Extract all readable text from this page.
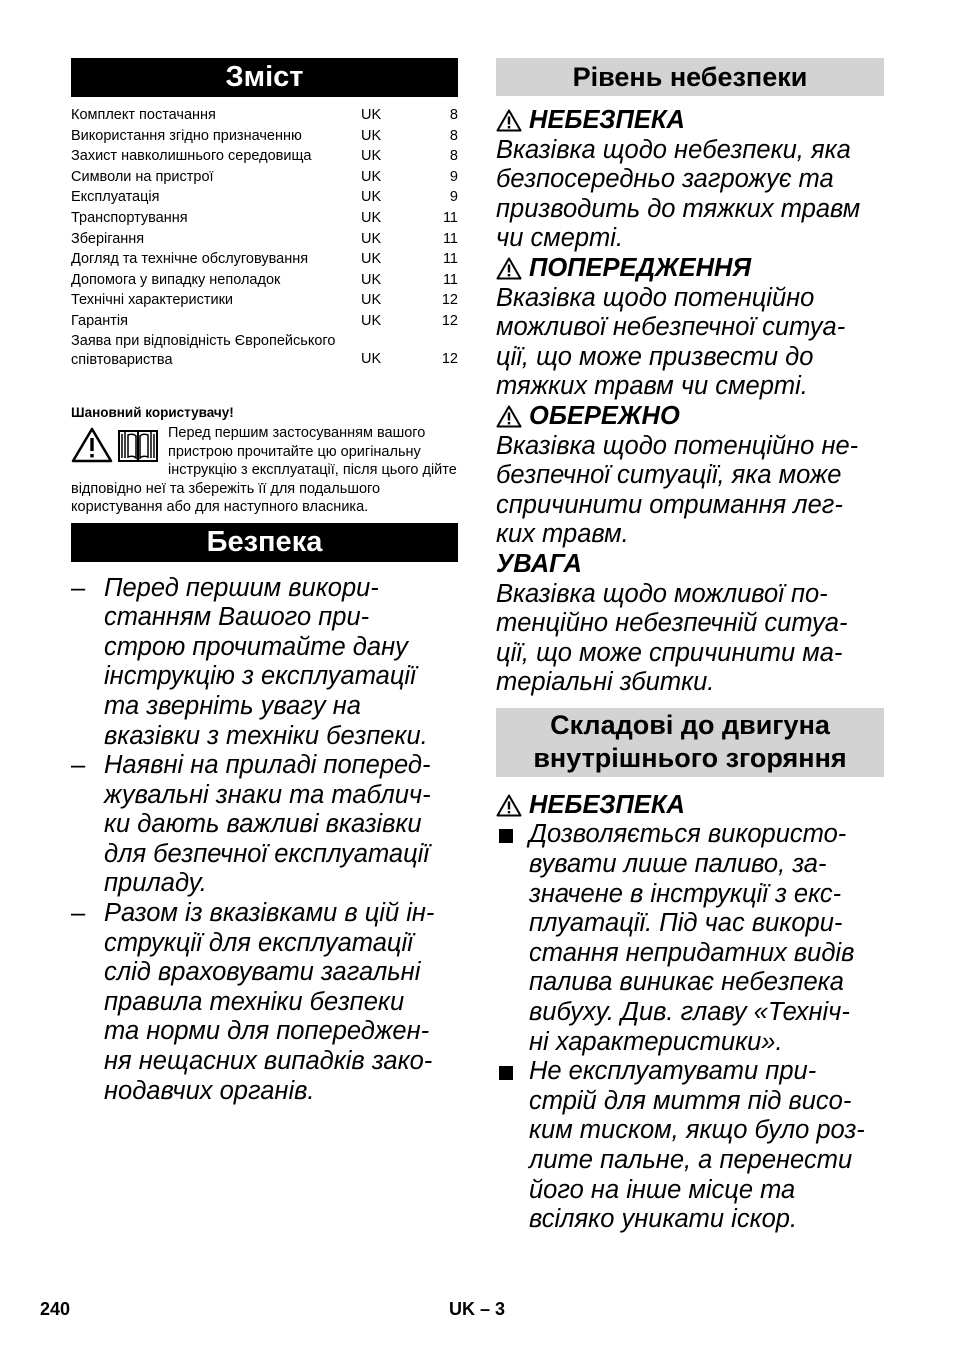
Зміст
Комплект постачання	UK	8
Використання згідно призначенню	UK	8
Захист навколишнього середовища	UK	8
Символи на пристрої	UK	9
Експлуатація	UK	9
Транспортування	UK	11
Зберігання	UK	11
Догляд та технічне обслуговування	UK	11
Допомога у випадку неполадок	UK	11
Технічні характеристики	UK	12
Гарантія	UK	12
Заява при відповідність Європейського
співтовариства	UK	12
Шановний користувачу!
Перед першим застосуванням вашого пристрою прочитайте цю оригінальну інструкцію з експлуатації, після цього дійте відповідно неї та збережіть її для подальшого користування або для наступного власника.
Безпека
– Перед першим викори-
станням Вашого при-
строю прочитайте дану
інструкцію з експлуатації
та зверніть увагу на
вказівки з техніки безпеки.
– Наявні на приладі поперед-
жувальні знаки та таблич-
ки дають важливі вказівки
для безпечної експлуатації
приладу.
– Разом із вказівками в цій ін-
струкції для експлуатації
слід враховувати загальні
правила техніки безпеки
та норми для попереджен-
ня нещасних випадків зако-
нодавчих органів.
Рівень небезпеки
НЕБЕЗПЕКА
Вказівка щодо небезпеки, яка
безпосередньо загрожує та
призводить до тяжких травм
чи смерті.
ПОПЕРЕДЖЕННЯ
Вказівка щодо потенційно
можливої небезпечної ситуа-
ції, що може призвести до
тяжких травм чи смерті.
ОБЕРЕЖНО
Вказівка щодо потенційно не-
безпечної ситуації, яка може
спричинити отримання лег-
ких травм.
УВАГА
Вказівка щодо можливої по-
тенційно небезпечній ситуа-
ції, що може спричинити ма-
теріальні збитки.
Складові до двигуна
внутрішнього згоряння
НЕБЕЗПЕКА
Дозволяється використо-
вувати лише паливо, за-
значене в інструкції з екс-
плуатації. Під час викори-
стання непридатних видів
палива виникає небезпека
вибуху. Див. главу «Техніч-
ні характеристики».
Не експлуатувати при-
стрій для миття під висо-
ким тиском, якщо було роз-
лите пальне, а перенести
його на інше місце та
всіляко уникати іскор.
240	UK – 3
